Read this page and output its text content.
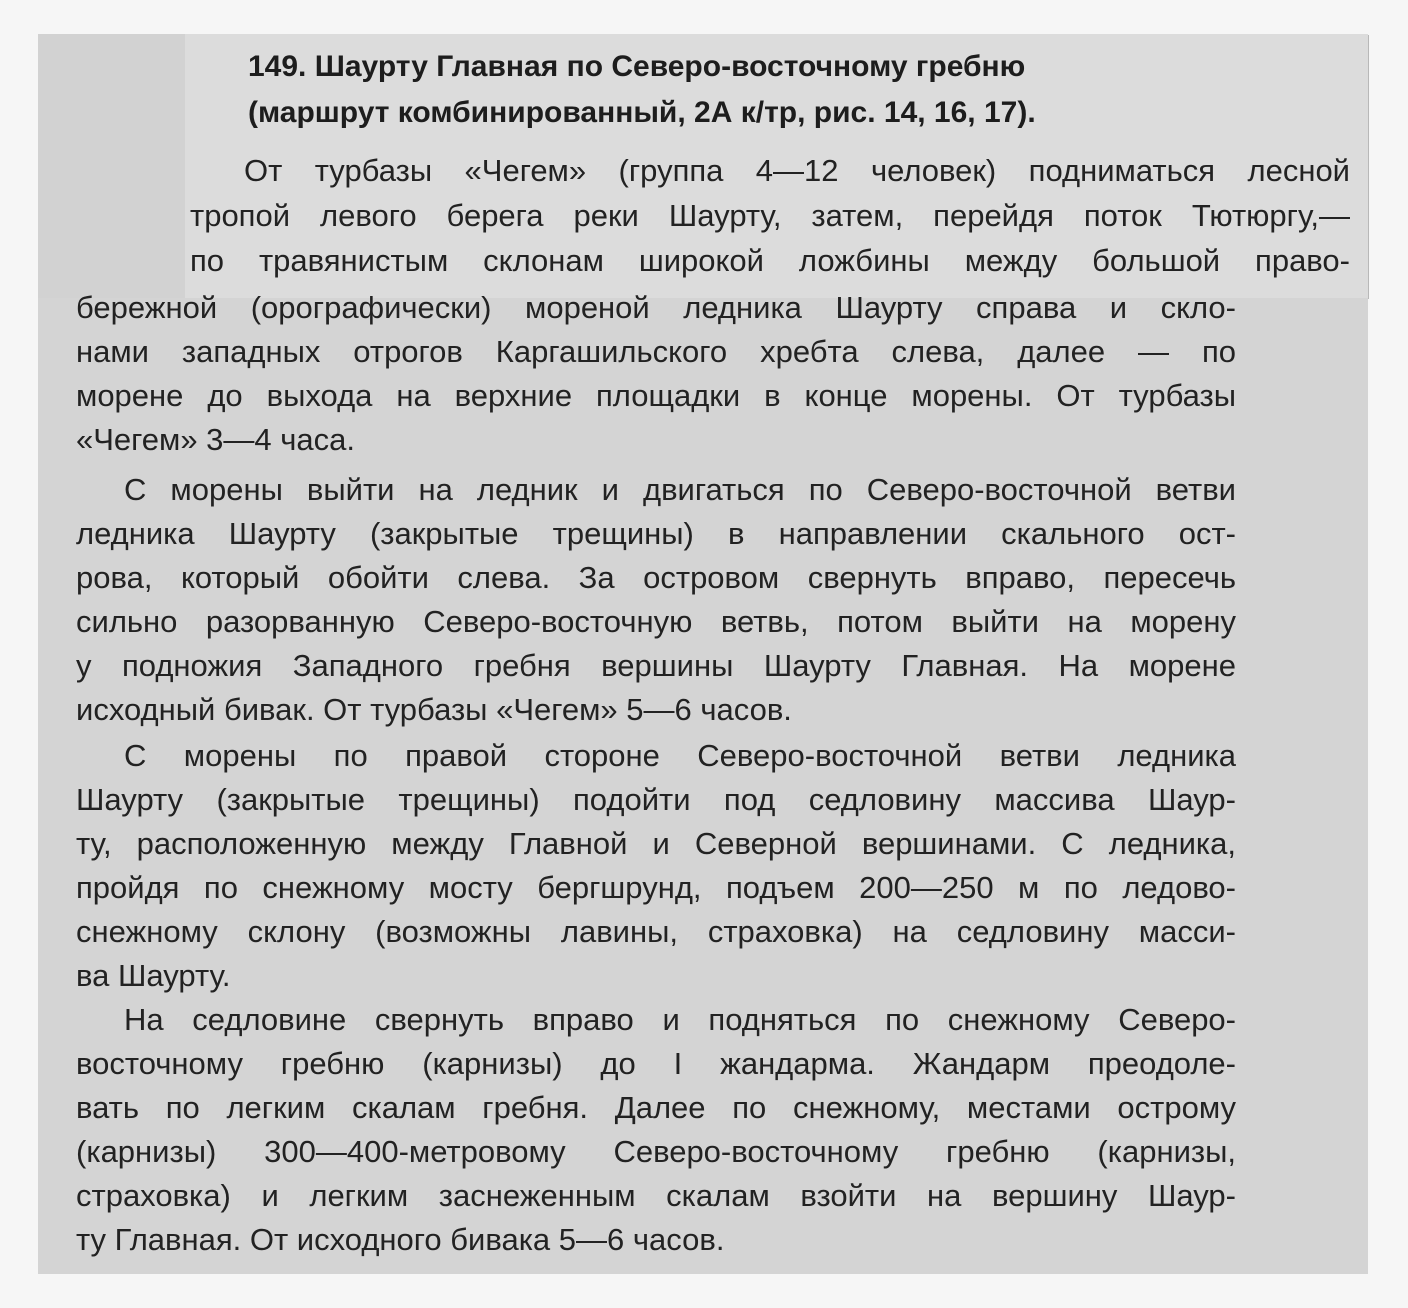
149. Шаурту Главная по Северо-восточному гребню
(маршрут комбинированный, 2А к/тр, рис. 14, 16, 17).

От турбазы «Чегем» (группа 4—12 человек) подниматься лесной
тропой левого берега реки Шаурту, затем, перейдя поток Тютюргу,—
по травянистым склонам широкой ложбины между большой право-

бережной (орографически) мореной ледника Шаурту справа и скло-
нами западных отрогов Каргашильского хребта слева, далее — по
морене до выхода на верхние площадки в конце морены. От турбазы
«Чегем» 3—4 часа.

С морены выйти на ледник и двигаться по Северо-восточной ветви
ледника Шаурту (закрытые трещины) в направлении скального ост-
рова, который обойти слева. За островом свернуть вправо, пересечь
сильно разорванную Северо-восточную ветвь, потом выйти на морену
у подножия Западного гребня вершины Шаурту Главная. На морене
исходный бивак. От турбазы «Чегем» 5—6 часов.

С морены по правой стороне Северо-восточной ветви ледника
Шаурту (закрытые трещины) подойти под седловину массива Шаур-
ту, расположенную между Главной и Северной вершинами. С ледника,
пройдя по снежному мосту бергшрунд, подъем 200—250 м по ледово-
снежному склону (возможны лавины, страховка) на седловину масси-
ва Шаурту.

На седловине свернуть вправо и подняться по снежному Северо-
восточному гребню (карнизы) до I жандарма. Жандарм преодоле-
вать по легким скалам гребня. Далее по снежному, местами острому
(карнизы) 300—400-метровому Северо-восточному гребню (карнизы,
страховка) и легким заснеженным скалам взойти на вершину Шаур-
ту Главная. От исходного бивака 5—6 часов.
